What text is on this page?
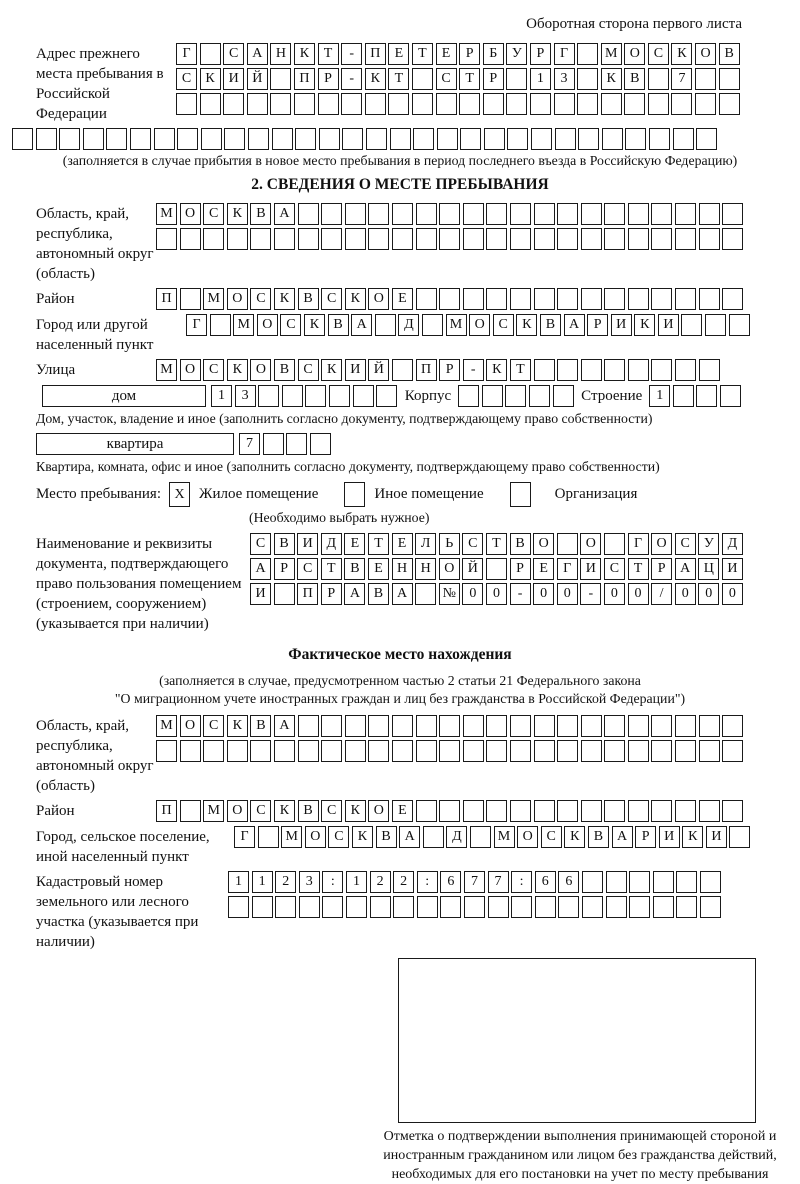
Оборотная сторона первого листа
Адрес прежнего места пребывания в Российской Федерации
Г	С А Н К	Т	-	П	Е	Т	Е	Р	Б	У	Р	Г	М О С	К О В
С	К И Й	П	Р	-	К	Т	С	Т	Р	1	3	К	В	7
(заполняется в случае прибытия в новое место пребывания в период последнего въезда в Российскую Федерацию)
2. СВЕДЕНИЯ О МЕСТЕ ПРЕБЫВАНИЯ
Область, край, республика, автономный округ (область)
М О С	К	В А
Район	П	М О С	К	В	С	К О	Е
Город или другой населенный пункт
Г	М О С	К	В А	Д	М О С	К	В А	Р	И К И
Улица	М О С	К О В	С	К И Й	П	Р	-	К	Т
дом	1	3	Корпус	Строение	1
Дом, участок, владение и иное (заполнить согласно документу, подтверждающему право собственности)
квартира	7
Квартира, комната, офис и иное (заполнить согласно документу, подтверждающему право собственности)
Место пребывания: X Жилое помещение	Иное помещение	Организация
(Необходимо выбрать нужное)
Наименование и реквизиты документа, подтверждающего право пользования помещением (строением, сооружением) (указывается при наличии)
С	В И Д	Е	Т	Е	Л	Ь	С	Т	В О	О	Г	О С У Д
А	Р	С	Т	В	Е	Н Н О Й	Р	Е	Г	И С	Т	Р	А Ц И
И	П	Р	А В А	№ 0	0	-	0	0	-	0	0	/	0	0	0
Фактическое место нахождения
(заполняется в случае, предусмотренном частью 2 статьи 21 Федерального закона
"О миграционном учете иностранных граждан и лиц без гражданства в Российской Федерации")
Область, край, республика, автономный округ (область)
М О С	К	В А
Район	П	М О С	К	В	С	К О	Е
Город, сельское поселение, иной населенный пункт
Г	М О С	К	В А	Д	М О С	К	В А	Р	И К И
Кадастровый номер земельного или лесного участка (указывается при наличии)
1	1	2	3	:	1	2	2	:	6	7	7	:	6	6
Отметка о подтверждении выполнения принимающей стороной и иностранным гражданином или лицом без гражданства действий, необходимых для его постановки на учет по месту пребывания
